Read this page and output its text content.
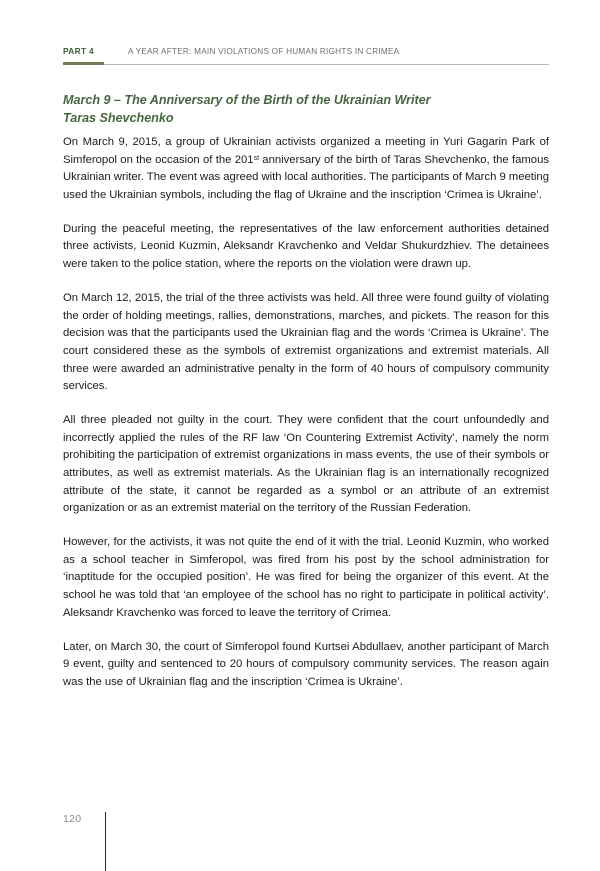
PART 4	A YEAR AFTER: MAIN VIOLATIONS OF HUMAN RIGHTS IN CRIMEA
March 9 – The Anniversary of the Birth of the Ukrainian Writer
Taras Shevchenko

On March 9, 2015, a group of Ukrainian activists organized a meeting in Yuri Gagarin Park of Simferopol on the occasion of the 201st anniversary of the birth of Taras Shevchenko, the famous Ukrainian writer. The event was agreed with local authorities. The participants of March 9 meeting used the Ukrainian symbols, including the flag of Ukraine and the inscription ‘Crimea is Ukraine’.

During the peaceful meeting, the representatives of the law enforcement authorities detained three activists, Leonid Kuzmin, Aleksandr Kravchenko and Veldar Shukurdzhiev. The detainees were taken to the police station, where the reports on the violation were drawn up.

On March 12, 2015, the trial of the three activists was held. All three were found guilty of violating the order of holding meetings, rallies, demonstrations, marches, and pickets. The reason for this decision was that the participants used the Ukrainian flag and the words ‘Crimea is Ukraine’. The court considered these as the symbols of extremist organizations and extremist materials. All three were awarded an administrative penalty in the form of 40 hours of compulsory community services.

All three pleaded not guilty in the court. They were confident that the court unfoundedly and incorrectly applied the rules of the RF law ‘On Countering Extremist Activity’, namely the norm prohibiting the participation of extremist organizations in mass events, the use of their symbols or attributes, as well as extremist materials. As the Ukrainian flag is an internationally recognized attribute of the state, it cannot be regarded as a symbol or an attribute of an extremist organization or as an extremist material on the territory of the Russian Federation.

However, for the activists, it was not quite the end of it with the trial. Leonid Kuzmin, who worked as a school teacher in Simferopol, was fired from his post by the school administration for ‘inaptitude for the occupied position’. He was fired for being the organizer of this event. At the school he was told that ‘an employee of the school has no right to participate in political activity’. Aleksandr Kravchenko was forced to leave the territory of Crimea.

Later, on March 30, the court of Simferopol found Kurtsei Abdullaev, another participant of March 9 event, guilty and sentenced to 20 hours of compulsory community services. The reason again was the use of Ukrainian flag and the inscription ‘Crimea is Ukraine’.

120
